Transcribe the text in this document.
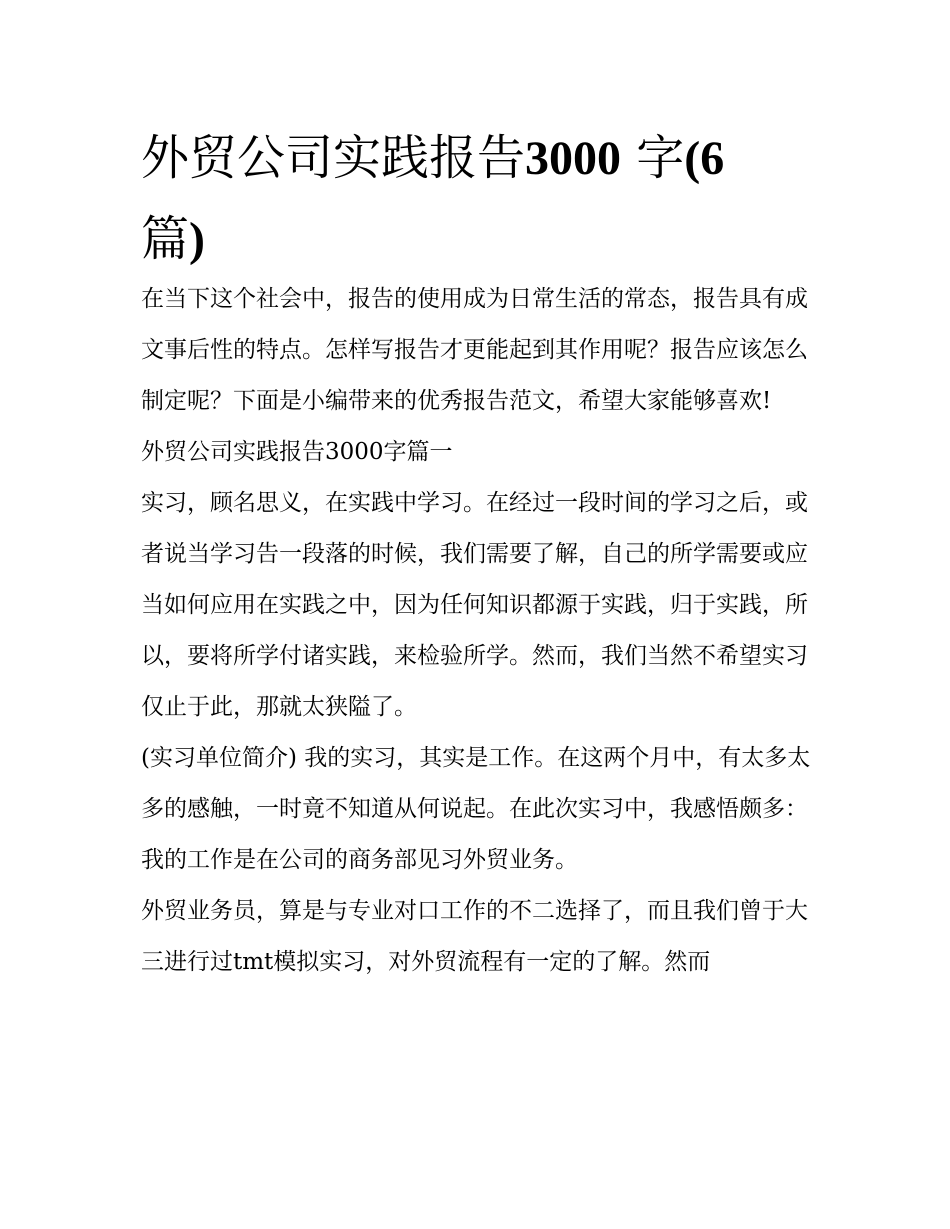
外贸公司实践报告3000 字(6
篇)

在当下这个社会中，报告的使用成为日常生活的常态，报告具有成文事后性的特点。怎样写报告才更能起到其作用呢？报告应该怎么制定呢？下面是小编带来的优秀报告范文，希望大家能够喜欢!

外贸公司实践报告3000字篇一

实习，顾名思义，在实践中学习。在经过一段时间的学习之后，或者说当学习告一段落的时候，我们需要了解，自己的所学需要或应当如何应用在实践之中，因为任何知识都源于实践，归于实践，所以，要将所学付诸实践，来检验所学。然而，我们当然不希望实习仅止于此，那就太狭隘了。

(实习单位简介) 我的实习，其实是工作。在这两个月中，有太多太多的感触，一时竟不知道从何说起。在此次实习中，我感悟颇多：

我的工作是在公司的商务部见习外贸业务。

外贸业务员，算是与专业对口工作的不二选择了，而且我们曾于大三进行过tmt模拟实习，对外贸流程有一定的了解。然而
